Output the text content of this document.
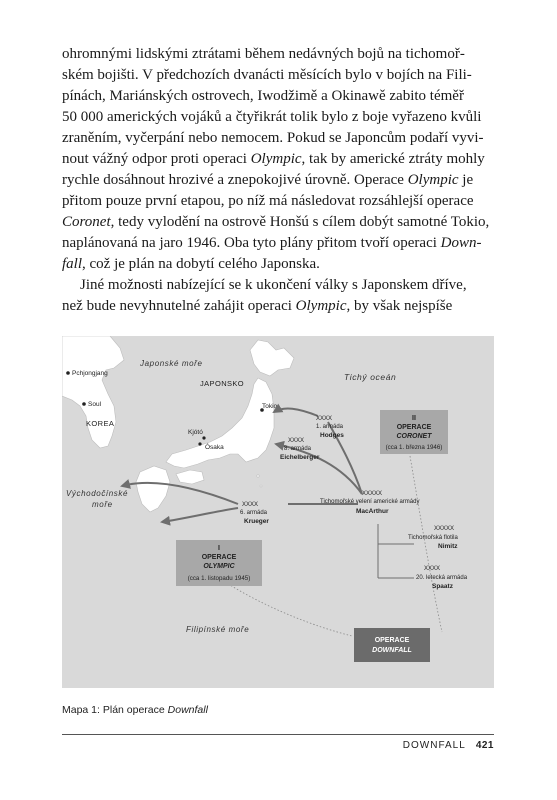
ohromnými lidskými ztrátami během nedávných bojů na tichomoř-
ském bojišti. V předchozích dvanácti měsících bylo v bojích na Fili-
pínách, Mariánských ostrovech, Iwodžimě a Okinawě zabito téměř
50 000 amerických vojáků a čtyřikrát tolik bylo z boje vyřazeno kvůli
zraněním, vyčerpání nebo nemocem. Pokud se Japoncům podaří vyvi-
nout vážný odpor proti operaci Olympic, tak by americké ztráty mohly
rychle dosáhnout hrozivé a znepokojivé úrovně. Operace Olympic je
přitom pouze první etapou, po níž má následovat rozsáhlejší operace
Coronet, tedy vylodění na ostrově Honšú s cílem dobýt samotné Tokio,
naplánovaná na jaro 1946. Oba tyto plány přitom tvoří operaci Down-
fall, což je plán na dobytí celého Japonska.

Jiné možnosti nabízející se k ukončení války s Japonskem dříve,
než bude nevyhnutelné zahájit operaci Olympic, by však nejspíše

Japonské moře
Tichý oceán
Východočínské
moře
Filipínské moře
JAPONSKO
KOREA
Pchjongjang
Soul
Kjótó
Ósaka
Tokio
XXXX
1. armáda
Hodges
XXXX
8. armáda
Eichelberger
XXXXX
Tichomořské velení americké armády
MacArthur
XXXX
6. armáda
Krueger
XXXXX
Tichomořská flotila
Nimitz
XXXX
20. letecká armáda
Spaatz
II
OPERACE
CORONET
(cca 1. března 1946)
I
OPERACE
OLYMPIC
(cca 1. listopadu 1945)
OPERACE
DOWNFALL
Mapa 1: Plán operace Downfall
DOWNFALL 421
